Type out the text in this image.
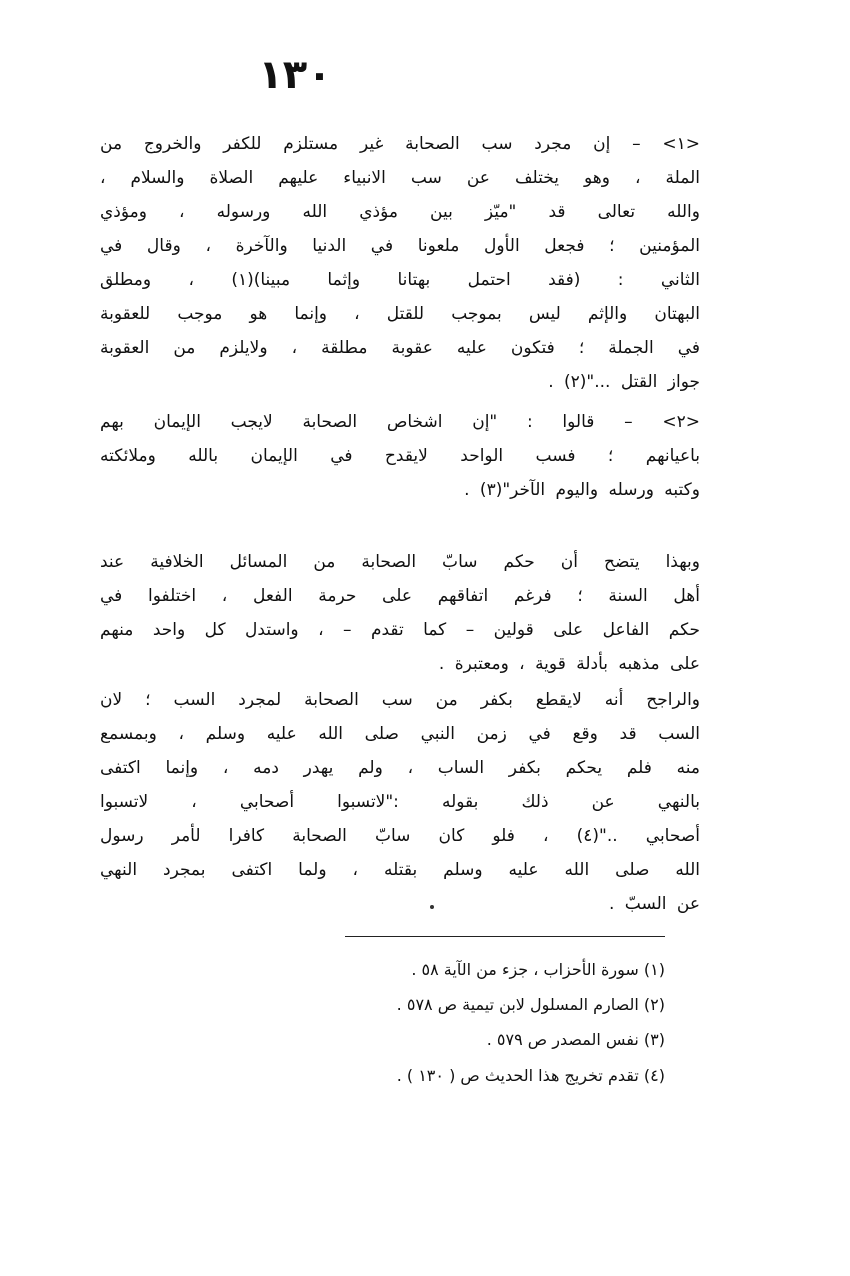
١٣٠
<١> – إن مجرد سب الصحابة غير مستلزم للكفر والخروج من
الملة ، وهو يختلف عن سب الانبياء عليهم الصلاة والسلام ،
والله تعالى قد "ميّز بين مؤذي الله ورسوله ، ومؤذي
المؤمنين ؛ فجعل الأول ملعونا في الدنيا والآخرة ، وقال في
الثاني : (فقد احتمل بهتانا وإثما مبينا)(١) ، ومطلق
البهتان والإثم ليس بموجب للقتل ، وإنما هو موجب للعقوبة
في الجملة ؛ فتكون عليه عقوبة مطلقة ، ولايلزم من العقوبة
جواز القتل ..."(٢) .
<٢> – قالوا : "إن اشخاص الصحابة لايجب الإيمان بهم
باعيانهم ؛ فسب الواحد لايقدح في الإيمان بالله وملائكته
وكتبه ورسله واليوم الآخر"(٣) .
وبهذا يتضح أن حكم سابّ الصحابة من المسائل الخلافية عند
أهل السنة ؛ فرغم اتفاقهم على حرمة الفعل ، اختلفوا في
حكم الفاعل على قولين – كما تقدم – ، واستدل كل واحد منهم
على مذهبه بأدلة قوية ، ومعتبرة .
والراجح أنه لايقطع بكفر من سب الصحابة لمجرد السب ؛ لان
السب قد وقع في زمن النبي صلى الله عليه وسلم ، وبمسمع
منه فلم يحكم بكفر الساب ، ولم يهدر دمه ، وإنما اكتفى
بالنهي عن ذلك بقوله :"لاتسبوا أصحابي ، لاتسبوا
أصحابي .."(٤) ، فلو كان سابّ الصحابة كافرا لأمر رسول
الله صلى الله عليه وسلم بقتله ، ولما اكتفى بمجرد النهي
عن السبّ .
(١) سورة الأحزاب ، جزء من الآية ٥٨ .
(٢) الصارم المسلول لابن تيمية ص ٥٧٨ .
(٣) نفس المصدر ص ٥٧٩ .
(٤) تقدم تخريج هذا الحديث ص ( ١٣٠ ) .
